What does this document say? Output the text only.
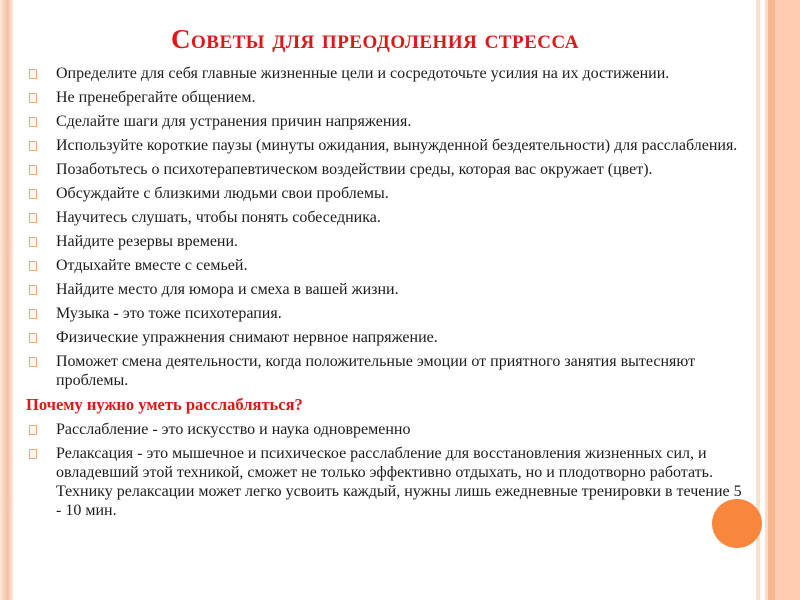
Советы для преодоления стресса
Определите для себя главные жизненные цели и сосредоточьте усилия на их достижении.
Не пренебрегайте общением.
Сделайте шаги для устранения причин напряжения.
Используйте короткие паузы (минуты ожидания, вынужденной бездеятельности) для расслабления.
Позаботьтесь о психотерапевтическом воздействии среды, которая вас окружает (цвет).
Обсуждайте с близкими людьми свои проблемы.
Научитесь слушать, чтобы понять собеседника.
Найдите резервы времени.
Отдыхайте вместе с семьей.
Найдите место для юмора и смеха в вашей жизни.
Музыка - это тоже психотерапия.
Физические упражнения снимают нервное напряжение.
Поможет смена деятельности, когда положительные эмоции от приятного занятия вытесняют проблемы.
Почему нужно уметь расслабляться?
Расслабление - это искусство и наука одновременно
Релаксация - это мышечное и психическое расслабление для восстановления жизненных сил, и овладевший этой техникой, сможет не только эффективно отдыхать, но и плодотворно работать. Технику релаксации может легко усвоить каждый, нужны лишь ежедневные тренировки в течение 5 - 10 мин.
